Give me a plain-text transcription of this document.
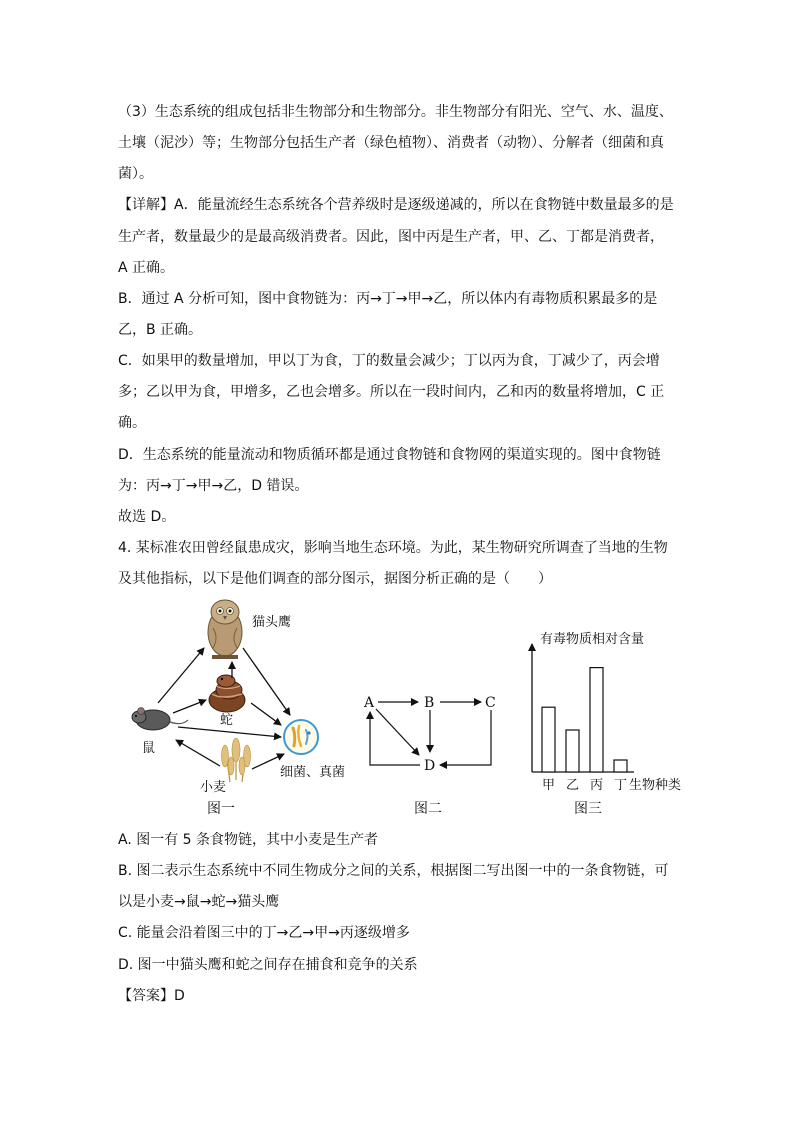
（3）生态系统的组成包括非生物部分和生物部分。非生物部分有阳光、空气、水、温度、
土壤（泥沙）等；生物部分包括生产者（绿色植物）、消费者（动物）、分解者（细菌和真
菌）。
【详解】A．能量流经生态系统各个营养级时是逐级递减的，所以在食物链中数量最多的是
生产者，数量最少的是最高级消费者。因此，图中丙是生产者，甲、乙、丁都是消费者，
A 正确。
B．通过 A 分析可知，图中食物链为：丙→丁→甲→乙，所以体内有毒物质积累最多的是
乙，B 正确。
C．如果甲的数量增加，甲以丁为食，丁的数量会减少；丁以丙为食，丁减少了，丙会增
多；乙以甲为食，甲增多，乙也会增多。所以在一段时间内，乙和丙的数量将增加，C 正
确。
D．生态系统的能量流动和物质循环都是通过食物链和食物网的渠道实现的。图中食物链
为：丙→丁→甲→乙，D 错误。
故选 D。
4. 某标准农田曾经鼠患成灾，影响当地生态环境。为此，某生物研究所调查了当地的生物
及其他指标，以下是他们调查的部分图示，据图分析正确的是（　　）
A. 图一有 5 条食物链，其中小麦是生产者
B. 图二表示生态系统中不同生物成分之间的关系，根据图二写出图一中的一条食物链，可
以是小麦→鼠→蛇→猫头鹰
C. 能量会沿着图三中的丁→乙→甲→丙逐级增多
D. 图一中猫头鹰和蛇之间存在捕食和竞争的关系
【答案】D
猫头鹰
蛇
鼠
小麦
细菌、真菌
图一
A	B	C
D
图二
有毒物质相对含量
甲 乙 丙 丁 生物种类
图三
